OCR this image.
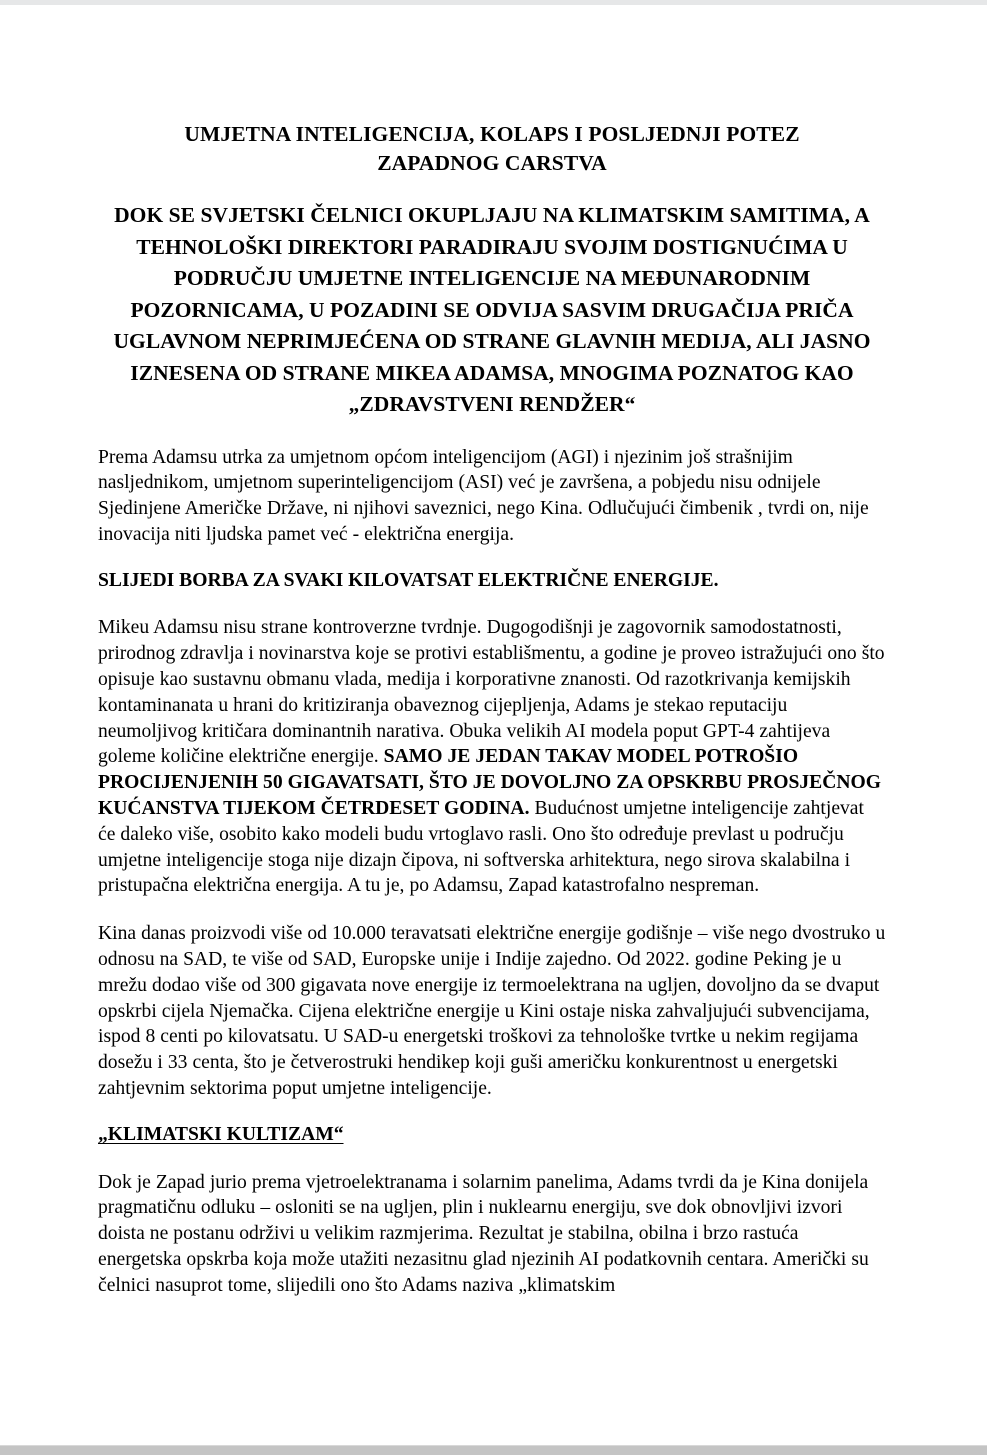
UMJETNA INTELIGENCIJA, KOLAPS I POSLJEDNJI POTEZ ZAPADNOG CARSTVA
DOK SE SVJETSKI ČELNICI OKUPLJAJU NA KLIMATSKIM SAMITIMA, A TEHNOLOŠKI DIREKTORI PARADIRAJU SVOJIM DOSTIGNUĆIMA U PODRUČJU UMJETNE INTELIGENCIJE NA MEĐUNARODNIM POZORNICAMA, U POZADINI SE ODVIJA SASVIM DRUGAČIJA PRIČA UGLAVNOM NEPRIMJEĆENA OD STRANE GLAVNIH MEDIJA, ALI JASNO IZNESENA OD STRANE MIKEA ADAMSA, MNOGIMA POZNATOG KAO „ZDRAVSTVENI RENDŽER“

Prema Adamsu utrka za umjetnom općom inteligencijom (AGI) i njezinim još strašnijim nasljednikom, umjetnom superinteligencijom (ASI) već je završena, a pobjedu nisu odnijele Sjedinjene Američke Države, ni njihovi saveznici, nego Kina. Odlučujući čimbenik , tvrdi on, nije inovacija niti ljudska pamet već - električna energija.

SLIJEDI BORBA ZA SVAKI KILOVATSAT ELEKTRIČNE ENERGIJE.

Mikeu Adamsu nisu strane kontroverzne tvrdnje. Dugogodišnji je zagovornik samodostatnosti, prirodnog zdravlja i novinarstva koje se protivi establišmentu, a godine je proveo istražujući ono što opisuje kao sustavnu obmanu vlada, medija i korporativne znanosti. Od razotkrivanja kemijskih kontaminanata u hrani do kritiziranja obaveznog cijepljenja, Adams je stekao reputaciju neumoljivog kritičara dominantnih narativa. Obuka velikih AI modela poput GPT-4 zahtijeva goleme količine električne energije. SAMO JE JEDAN TAKAV MODEL POTROŠIO PROCIJENJENIH 50 GIGAVATSATI, ŠTO JE DOVOLJNO ZA OPSKRBU PROSJEČNOG KUĆANSTVA TIJEKOM ČETRDESET GODINA. Budućnost umjetne inteligencije zahtjevat će daleko više, osobito kako modeli budu vrtoglavo rasli. Ono što određuje prevlast u području umjetne inteligencije stoga nije dizajn čipova, ni softverska arhitektura, nego sirova skalabilna i pristupačna električna energija. A tu je, po Adamsu, Zapad katastrofalno nespreman.

Kina danas proizvodi više od 10.000 teravatsati električne energije godišnje – više nego dvostruko u odnosu na SAD, te više od SAD, Europske unije i Indije zajedno. Od 2022. godine Peking je u mrežu dodao više od 300 gigavata nove energije iz termoelektrana na ugljen, dovoljno da se dvaput opskrbi cijela Njemačka. Cijena električne energije u Kini ostaje niska zahvaljujući subvencijama, ispod 8 centi po kilovatsatu. U SAD-u energetski troškovi za tehnološke tvrtke u nekim regijama dosežu i 33 centa, što je četverostruki hendikep koji guši američku konkurentnost u energetski zahtjevnim sektorima poput umjetne inteligencije.

„KLIMATSKI KULTIZAM“

Dok je Zapad jurio prema vjetroelektranama i solarnim panelima, Adams tvrdi da je Kina donijela pragmatičnu odluku – osloniti se na ugljen, plin i nuklearnu energiju, sve dok obnovljivi izvori doista ne postanu održivi u velikim razmjerima. Rezultat je stabilna, obilna i brzo rastuća energetska opskrba koja može utažiti nezasitnu glad njezinih AI podatkovnih centara. Američki su čelnici nasuprot tome, slijedili ono što Adams naziva „klimatskim
